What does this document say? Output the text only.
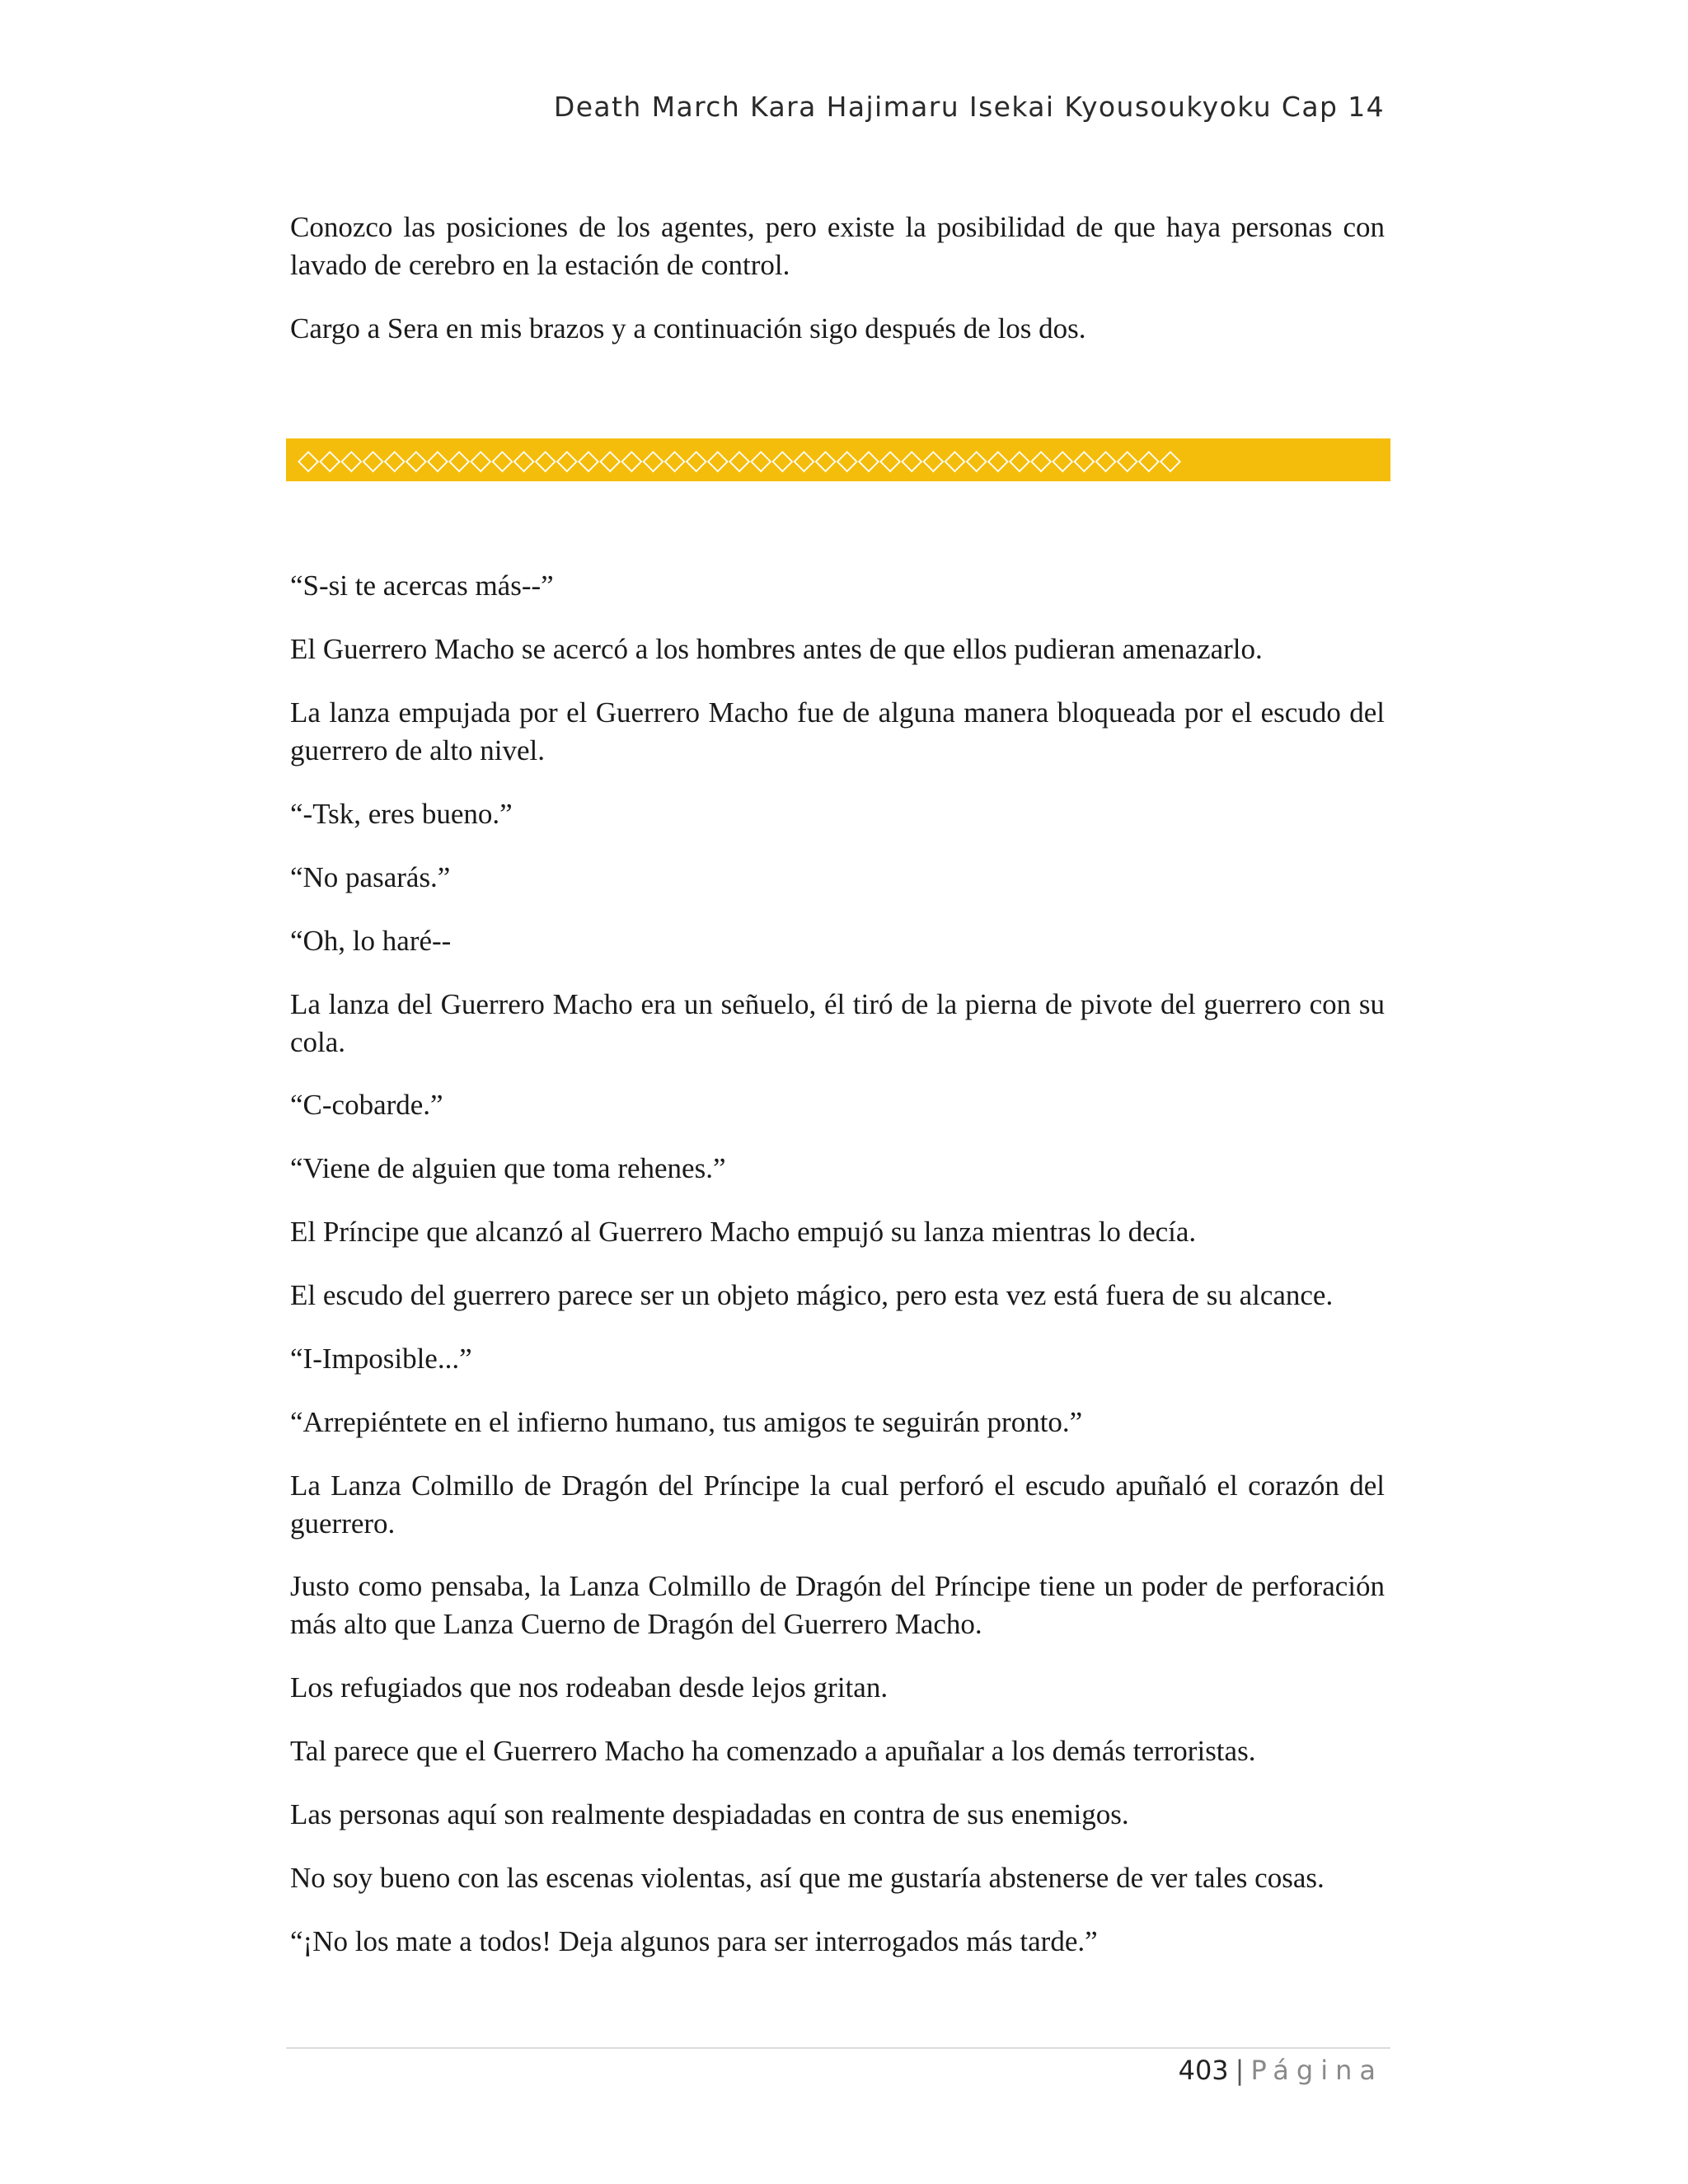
Death March Kara Hajimaru Isekai Kyousoukyoku Cap 14

Conozco las posiciones de los agentes, pero existe la posibilidad de que haya personas con lavado de cerebro en la estación de control.

Cargo a Sera en mis brazos y a continuación sigo después de los dos.

◇◇◇◇◇◇◇◇◇◇◇◇◇◇◇◇◇◇◇◇◇◇◇◇◇◇◇◇◇◇◇◇◇◇◇◇◇◇◇◇◇

“S-si te acercas más--”

El Guerrero Macho se acercó a los hombres antes de que ellos pudieran amenazarlo.

La lanza empujada por el Guerrero Macho fue de alguna manera bloqueada por el escudo del guerrero de alto nivel.

“-Tsk, eres bueno.”

“No pasarás.”

“Oh, lo haré--

La lanza del Guerrero Macho era un señuelo, él tiró de la pierna de pivote del guerrero con su cola.

“C-cobarde.”

“Viene de alguien que toma rehenes.”

El Príncipe que alcanzó al Guerrero Macho empujó su lanza mientras lo decía.

El escudo del guerrero parece ser un objeto mágico, pero esta vez está fuera de su alcance.

“I-Imposible...”

“Arrepiéntete en el infierno humano, tus amigos te seguirán pronto.”

La Lanza Colmillo de Dragón del Príncipe la cual perforó el escudo apuñaló el corazón del guerrero.

Justo como pensaba, la Lanza Colmillo de Dragón del Príncipe tiene un poder de perforación más alto que Lanza Cuerno de Dragón del Guerrero Macho.

Los refugiados que nos rodeaban desde lejos gritan.

Tal parece que el Guerrero Macho ha comenzado a apuñalar a los demás terroristas.

Las personas aquí son realmente despiadadas en contra de sus enemigos.

No soy bueno con las escenas violentas, así que me gustaría abstenerse de ver tales cosas.

“¡No los mate a todos! Deja algunos para ser interrogados más tarde.”

403 | Página
